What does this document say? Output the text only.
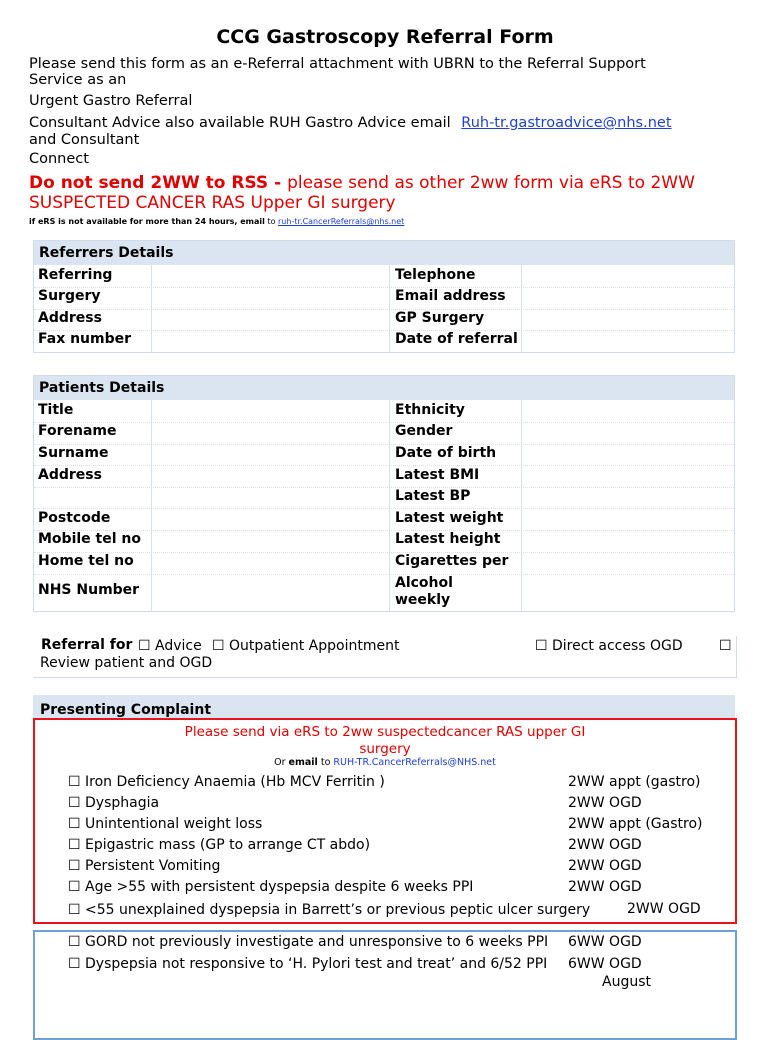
CCG Gastroscopy Referral Form
Please send this form as an e-Referral attachment with UBRN to the Referral Support
Service as an
Urgent Gastro Referral
Consultant Advice also available RUH Gastro Advice email Ruh-tr.gastroadvice@nhs.net
and Consultant
Connect
Do not send 2WW to RSS - please send as other 2ww form via eRS to 2WW
SUSPECTED CANCER RAS Upper GI surgery
if eRS is not available for more than 24 hours, email to ruh-tr.CancerReferrals@nhs.net
Referrers Details
Referring	Telephone
Surgery	Email address
Address	GP Surgery
Fax number	Date of referral
Patients Details
Title	Ethnicity
Forename	Gender
Surname	Date of birth
Address	Latest BMI
Latest BP
Postcode	Latest weight
Mobile tel no	Latest height
Home tel no	Cigarettes per
NHS Number	Alcohol
weekly
Referral for ☐ Advice ☐ Outpatient Appointment	☐ Direct access OGD	☐
Review patient and OGD
Presenting Complaint
Please send via eRS to 2ww suspectedcancer RAS upper GI
surgery
Or email to RUH-TR.CancerReferrals@NHS.net
☐ Iron Deficiency Anaemia (Hb MCV Ferritin )	2WW appt (gastro)
☐ Dysphagia	2WW OGD
☐ Unintentional weight loss	2WW appt (Gastro)
☐ Epigastric mass (GP to arrange CT abdo)	2WW OGD
☐ Persistent Vomiting	2WW OGD
☐ Age >55 with persistent dyspepsia despite 6 weeks PPI	2WW OGD
☐ <55 unexplained dyspepsia in Barrett’s or previous peptic ulcer surgery	2WW OGD
☐ GORD not previously investigate and unresponsive to 6 weeks PPI 6WW OGD
☐ Dyspepsia not responsive to ‘H. Pylori test and treat’ and 6/52 PPI 6WW OGD
August
